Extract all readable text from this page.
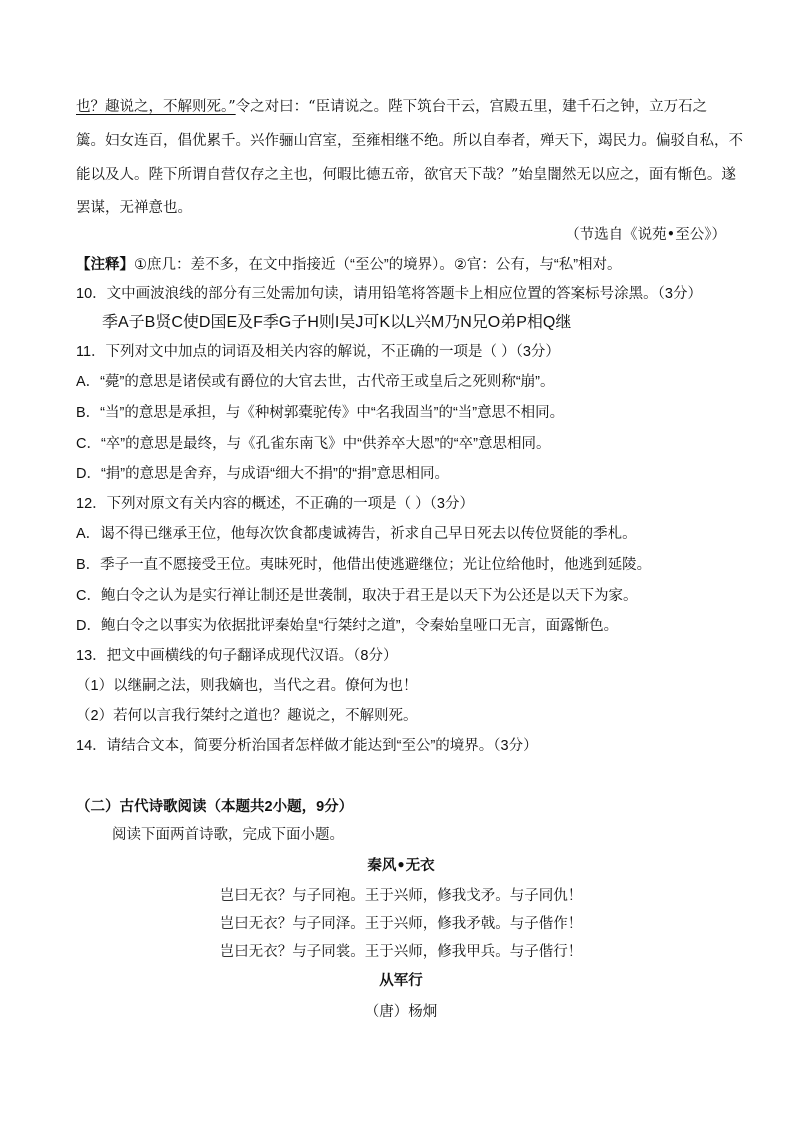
也？趣说之，不解则死。”令之对曰：“臣请说之。陛下筑台干云，宫殿五里，建千石之钟，立万石之
簴。妇女连百，倡优累千。兴作骊山宫室，至雍相继不绝。所以自奉者，殚天下，竭民力。偏驳自私，不
能以及人。陛下所谓自营仅存之主也，何暇比德五帝，欲官天下哉？”始皇闇然无以应之，面有惭色。遂
罢谋，无禅意也。
（节选自《说苑•至公》）
【注释】①庶几：差不多，在文中指接近（“至公”的境界）。②官：公有，与“私”相对。
10．文中画波浪线的部分有三处需加句读，请用铅笔将答题卡上相应位置的答案标号涂黑。（3分）
季A子B贤C使D国E及F季G子H则I吴J可K以L兴M乃N兄O弟P相Q继
11．下列对文中加点的词语及相关内容的解说，不正确的一项是（ ）（3分）
A．“薨”的意思是诸侯或有爵位的大官去世，古代帝王或皇后之死则称“崩”。
B．“当”的意思是承担，与《种树郭橐驼传》中“名我固当”的“当”意思不相同。
C．“卒”的意思是最终，与《孔雀东南飞》中“供养卒大恩”的“卒”意思相同。
D．“捐”的意思是舍弃，与成语“细大不捐”的“捐”意思相同。
12．下列对原文有关内容的概述，不正确的一项是（ ）（3分）
A．谒不得已继承王位，他每次饮食都虔诚祷告，祈求自己早日死去以传位贤能的季札。
B．季子一直不愿接受王位。夷昧死时，他借出使逃避继位；光让位给他时，他逃到延陵。
C．鲍白令之认为是实行禅让制还是世袭制，取决于君王是以天下为公还是以天下为家。
D．鲍白令之以事实为依据批评秦始皇“行桀纣之道”，令秦始皇哑口无言，面露惭色。
13．把文中画横线的句子翻译成现代汉语。（8分）
（1）以继嗣之法，则我嫡也，当代之君。僚何为也！
（2）若何以言我行桀纣之道也？趣说之，不解则死。
14．请结合文本，简要分析治国者怎样做才能达到“至公”的境界。（3分）
（二）古代诗歌阅读（本题共2小题，9分）
阅读下面两首诗歌，完成下面小题。
秦风•无衣
岂曰无衣？与子同袍。王于兴师，修我戈矛。与子同仇！
岂曰无衣？与子同泽。王于兴师，修我矛戟。与子偕作！
岂曰无衣？与子同裳。王于兴师，修我甲兵。与子偕行！
从军行
（唐）杨炯
